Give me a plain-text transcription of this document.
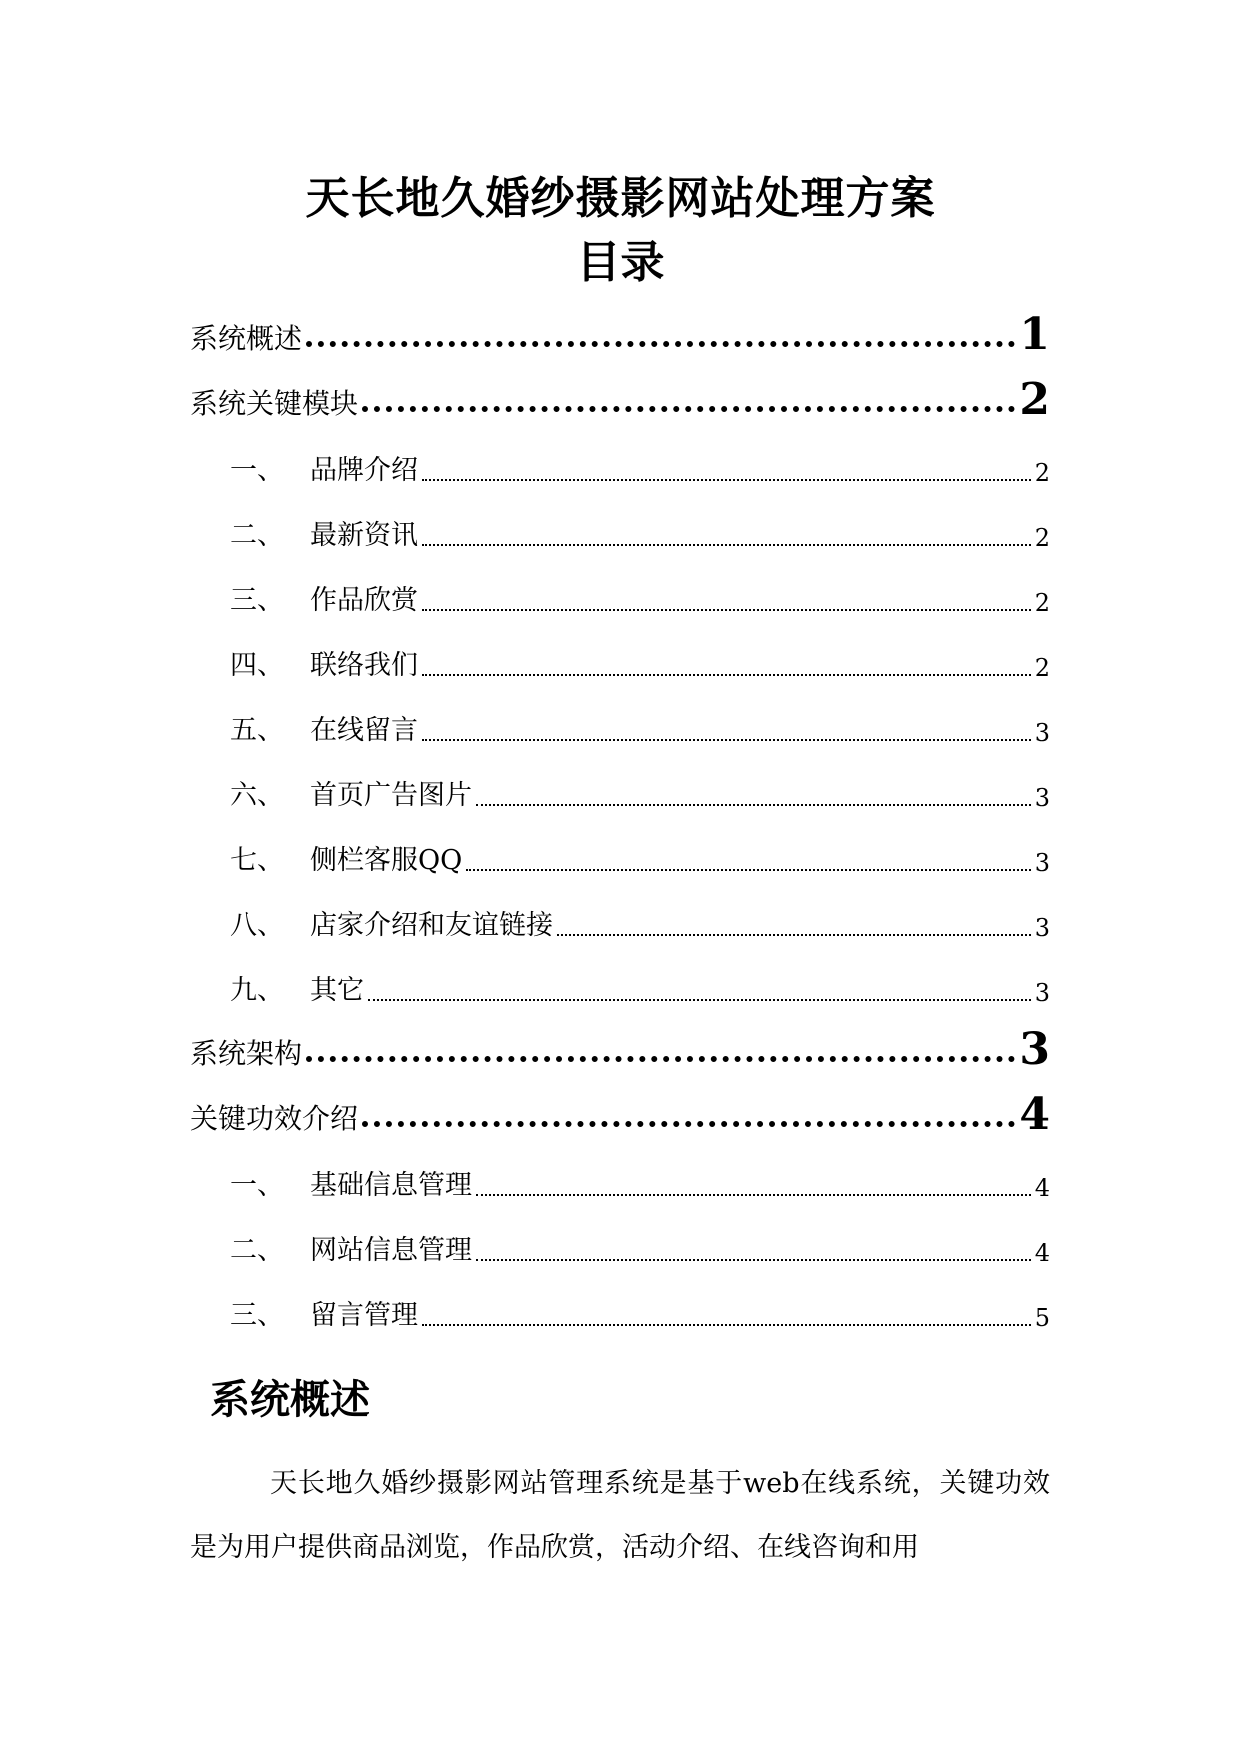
天长地久婚纱摄影网站处理方案
目录
系统概述	1
系统关键模块	2
一、 品牌介绍	2
二、 最新资讯	2
三、 作品欣赏	2
四、 联络我们	2
五、 在线留言	3
六、 首页广告图片	3
七、 侧栏客服QQ	3
八、 店家介绍和友谊链接	3
九、 其它	3
系统架构	3
关键功效介绍	4
一、 基础信息管理	4
二、 网站信息管理	4
三、 留言管理	5
系统概述
天长地久婚纱摄影网站管理系统是基于web在线系统，关键功效是为用户提供商品浏览，作品欣赏，活动介绍、在线咨询和用
